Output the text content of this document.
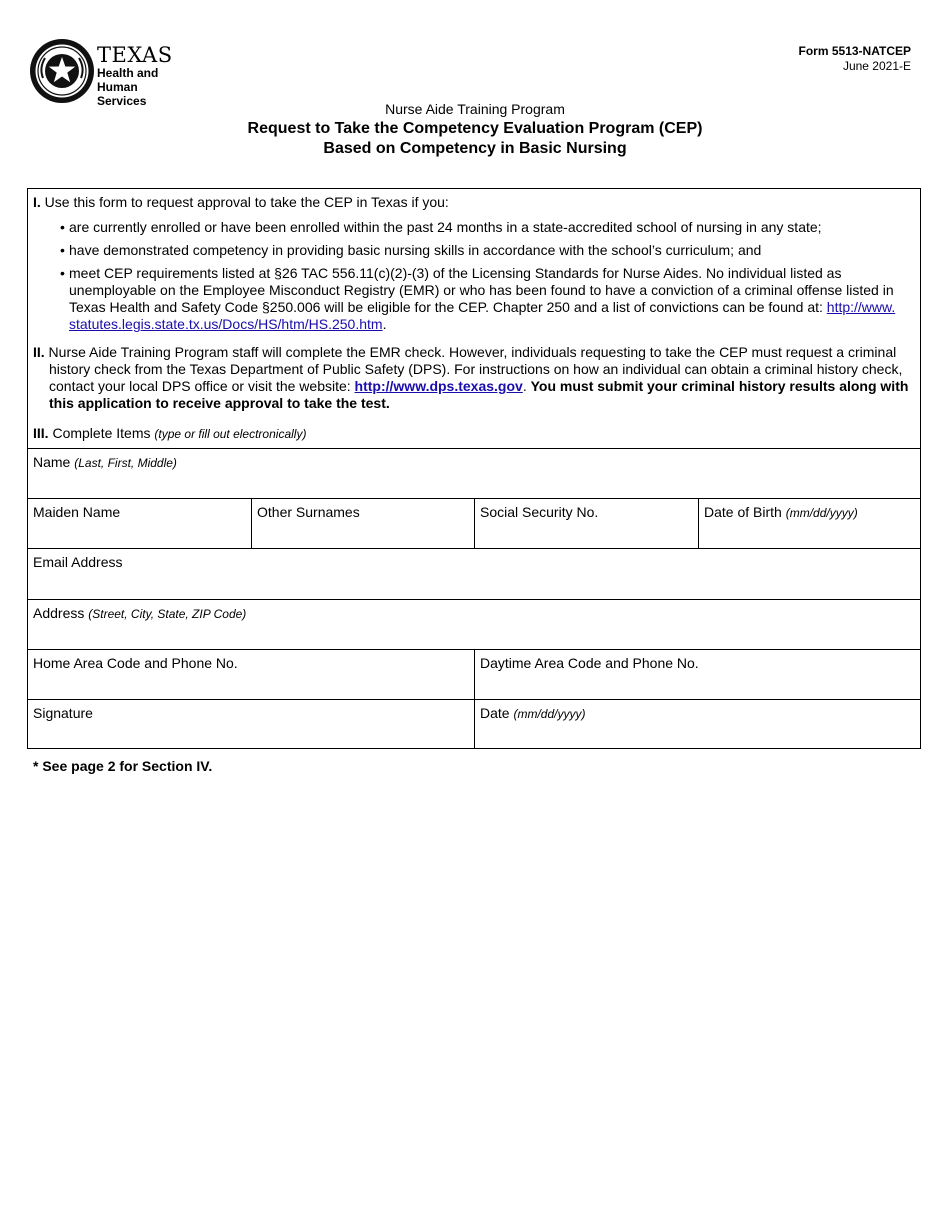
TEXAS
Health and Human
Services
Form 5513-NATCEP
June 2021-E
Nurse Aide Training Program
Request to Take the Competency Evaluation Program (CEP)
Based on Competency in Basic Nursing
I. Use this form to request approval to take the CEP in Texas if you:
• are currently enrolled or have been enrolled within the past 24 months in a state-accredited school of nursing in any state;
• have demonstrated competency in providing basic nursing skills in accordance with the school’s curriculum; and
• meet CEP requirements listed at §26 TAC 556.11(c)(2)-(3) of the Licensing Standards for Nurse Aides. No individual listed as unemployable on the Employee Misconduct Registry (EMR) or who has been found to have a conviction of a criminal offense listed in Texas Health and Safety Code §250.006 will be eligible for the CEP. Chapter 250 and a list of convictions can be found at: http://www.statutes.legis.state.tx.us/Docs/HS/htm/HS.250.htm.
II. Nurse Aide Training Program staff will complete the EMR check. However, individuals requesting to take the CEP must request a criminal history check from the Texas Department of Public Safety (DPS). For instructions on how an individual can obtain a criminal history check, contact your local DPS office or visit the website: http://www.dps.texas.gov. You must submit your criminal history results along with this application to receive approval to take the test.
III. Complete Items (type or fill out electronically)
Name (Last, First, Middle)
Maiden Name	Other Surnames	Social Security No.	Date of Birth (mm/dd/yyyy)
Email Address
Address (Street, City, State, ZIP Code)
Home Area Code and Phone No.	Daytime Area Code and Phone No.
Signature	Date (mm/dd/yyyy)
* See page 2 for Section IV.
